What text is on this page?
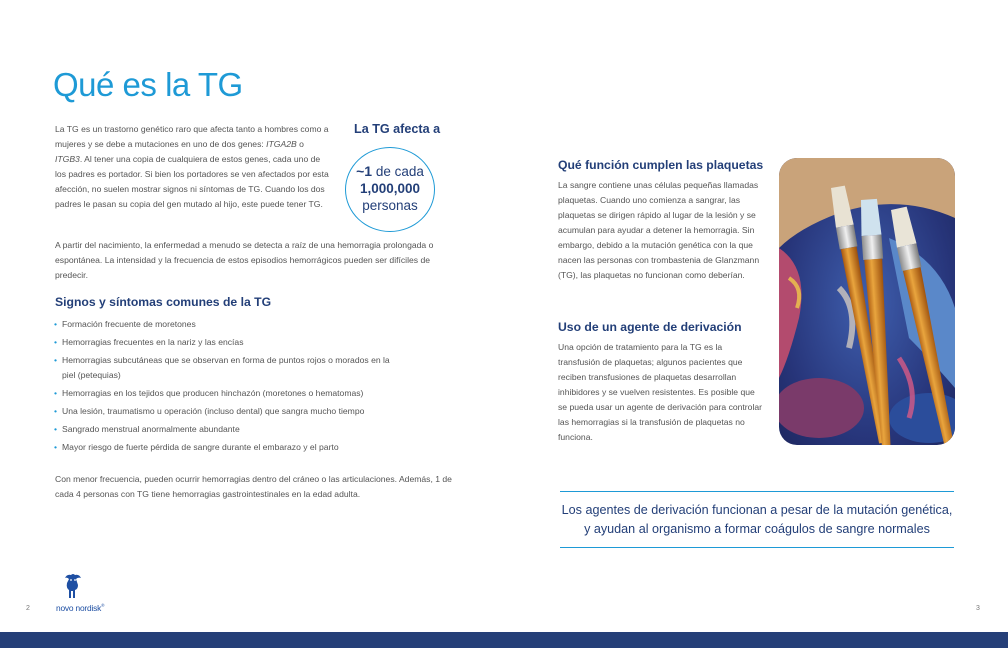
Qué es la TG
La TG es un trastorno genético raro que afecta tanto a hombres como a mujeres y se debe a mutaciones en uno de dos genes: ITGA2B o ITGB3. Al tener una copia de cualquiera de estos genes, cada uno de los padres es portador. Si bien los portadores se ven afectados por esta afección, no suelen mostrar signos ni síntomas de TG. Cuando los dos padres le pasan su copia del gen mutado al hijo, este puede tener TG.
La TG afecta a
~1 de cada
1,000,000
personas
A partir del nacimiento, la enfermedad a menudo se detecta a raíz de una hemorragia prolongada o espontánea. La intensidad y la frecuencia de estos episodios hemorrágicos pueden ser difíciles de predecir.
Signos y síntomas comunes de la TG
• Formación frecuente de moretones
• Hemorragias frecuentes en la nariz y las encías
• Hemorragias subcutáneas que se observan en forma de puntos rojos o morados en la piel (petequias)
• Hemorragias en los tejidos que producen hinchazón (moretones o hematomas)
• Una lesión, traumatismo u operación (incluso dental) que sangra mucho tiempo
• Sangrado menstrual anormalmente abundante
• Mayor riesgo de fuerte pérdida de sangre durante el embarazo y el parto
Con menor frecuencia, pueden ocurrir hemorragias dentro del cráneo o las articulaciones. Además, 1 de cada 4 personas con TG tiene hemorragias gastrointestinales en la edad adulta.
novo nordisk®
2
Qué función cumplen las plaquetas
La sangre contiene unas células pequeñas llamadas plaquetas. Cuando uno comienza a sangrar, las plaquetas se dirigen rápido al lugar de la lesión y se acumulan para ayudar a detener la hemorragia. Sin embargo, debido a la mutación genética con la que nacen las personas con trombastenia de Glanzmann (TG), las plaquetas no funcionan como deberían.
Uso de un agente de derivación
Una opción de tratamiento para la TG es la transfusión de plaquetas; algunos pacientes que reciben transfusiones de plaquetas desarrollan inhibidores y se vuelven resistentes. Es posible que se pueda usar un agente de derivación para controlar las hemorragias si la transfusión de plaquetas no funciona.
Los agentes de derivación funcionan a pesar de la mutación genética,
y ayudan al organismo a formar coágulos de sangre normales
3
